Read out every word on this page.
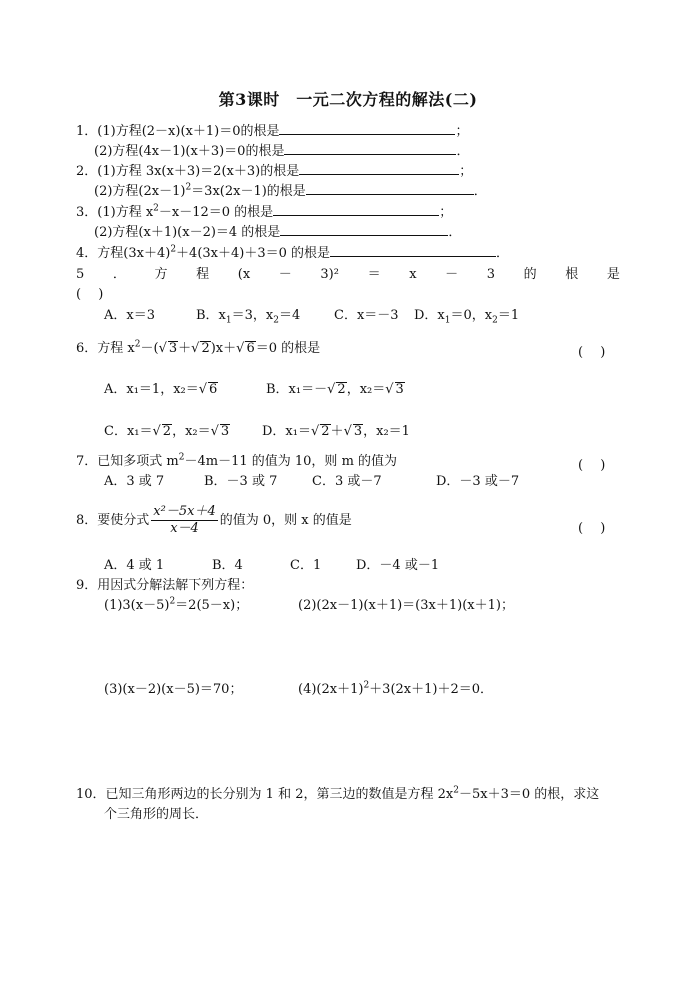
第3课时　一元二次方程的解法(二)
1．(1)方程(2－x)(x＋1)＝0的根是	；
(2)方程(4x－1)(x＋3)＝0的根是	．
2．(1)方程 3x(x＋3)＝2(x＋3)的根是	；
(2)方程$(2x-1)^2=3x(2x-1)$的根是	．
3．(1)方程 $x^2-x-12=0$ 的根是	；
(2)方程(x＋1)(x－2)＝4 的根是	．
4．方程$(3x+4)^2+4(3x+4)+3=0$ 的根是	．
5 ． 方 程 (x － 3)² ＝ x － 3 的 根 是
(　 )
A．x＝3	B．$x_1=3$，$x_2=4$	C．x＝－3 D．$x_1=0$，$x_2=1$
6．方程 $x^2-(√$ 3＋√ 2)x＋√ 6＝0 的根是	(　 )
A．x₁＝1，x₂＝√ 6	B．x₁＝－√ 2，x₂＝√ 3
C．x₁＝√ 2，x₂＝√ 3	D．x₁＝√ 2＋√ 3，x₂＝1
7．已知多项式 $m^2-4m-11$ 的值为 10，则 m 的值为	(　 )
A．3 或 7	B．－3 或 7	C．3 或－7	D．－3 或－7
8．要使分式 $\frac{\text{x²－5x＋4}}{x-4}$ 的值为 0，则 x 的值是
(　 )
A．4 或 1	B．4	C．1	D．－4 或－1
9．用因式分解法解下列方程：
$(1)3(x-5)^2=2(5-x)$；	(2)(2x－1)(x＋1)＝(3x＋1)(x＋1)；
(3)(x－2)(x－5)＝70；	$(4)(2x+1)^2+3(2x+1)+2=0$．
10．已知三角形两边的长分别为 1 和 2，第三边的数值是方程 $2x^2-5x+3=0$ 的根，求这
个三角形的周长．
